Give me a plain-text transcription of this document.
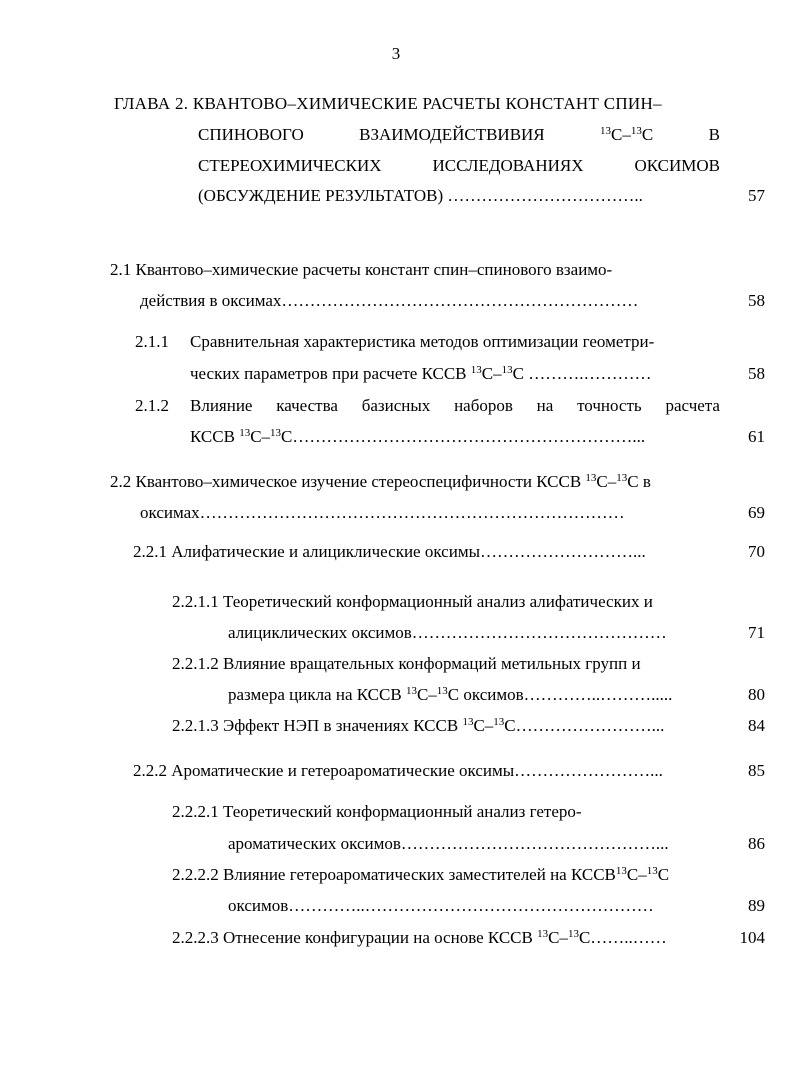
3
ГЛАВА 2. КВАНТОВО–ХИМИЧЕСКИЕ РАСЧЕТЫ КОНСТАНТ СПИН–
СПИНОВОГО	ВЗАИМОДЕЙСТВИВИЯ	$^{13}$C–$^{13}$C	В
СТЕРЕОХИМИЧЕСКИХ	ИССЛЕДОВАНИЯХ	ОКСИМОВ
(ОБСУЖДЕНИЕ РЕЗУЛЬТАТОВ) ……………………………..	57
2.1 Квантово–химические расчеты констант спин–спинового взаимо-
действия в оксимах………………………………………………………	58
2.1.1 Сравнительная характеристика методов оптимизации геометри-
ческих параметров при расчете КССВ $^{13}$C–$^{13}$C ……….…………	58
2.1.2 Влияние качества базисных наборов на точность расчета
КССВ $^{13}$C–$^{13}$C……………………………………………………...	61
2.2 Квантово–химическое изучение стереоспецифичности КССВ $^{13}$C–$^{13}$C в
оксимах…………………………………………………………………	69
2.2.1 Алифатические и алициклические оксимы………………………...	70
2.2.1.1 Теоретический конформационный анализ алифатических и
алициклических оксимов………………………………………	71
2.2.1.2 Влияние вращательных конформаций метильных групп и
размера цикла на КССВ $^{13}$C–$^{13}$C оксимов…………..……….....	80
2.2.1.3 Эффект НЭП в значениях КССВ $^{13}$C–$^{13}$C……………………...	84
2.2.2 Ароматические и гетероароматические оксимы……………………...	85
2.2.2.1 Теоретический конформационный анализ гетеро-
ароматических оксимов………………………………………...	86
2.2.2.2 Влияние гетероароматических заместителей на КССВ$^{13}$C–$^{13}$C
оксимов…………..……………………………………………	89
2.2.2.3 Отнесение конфигурации на основе КССВ $^{13}$C–$^{13}$C……..……	104
